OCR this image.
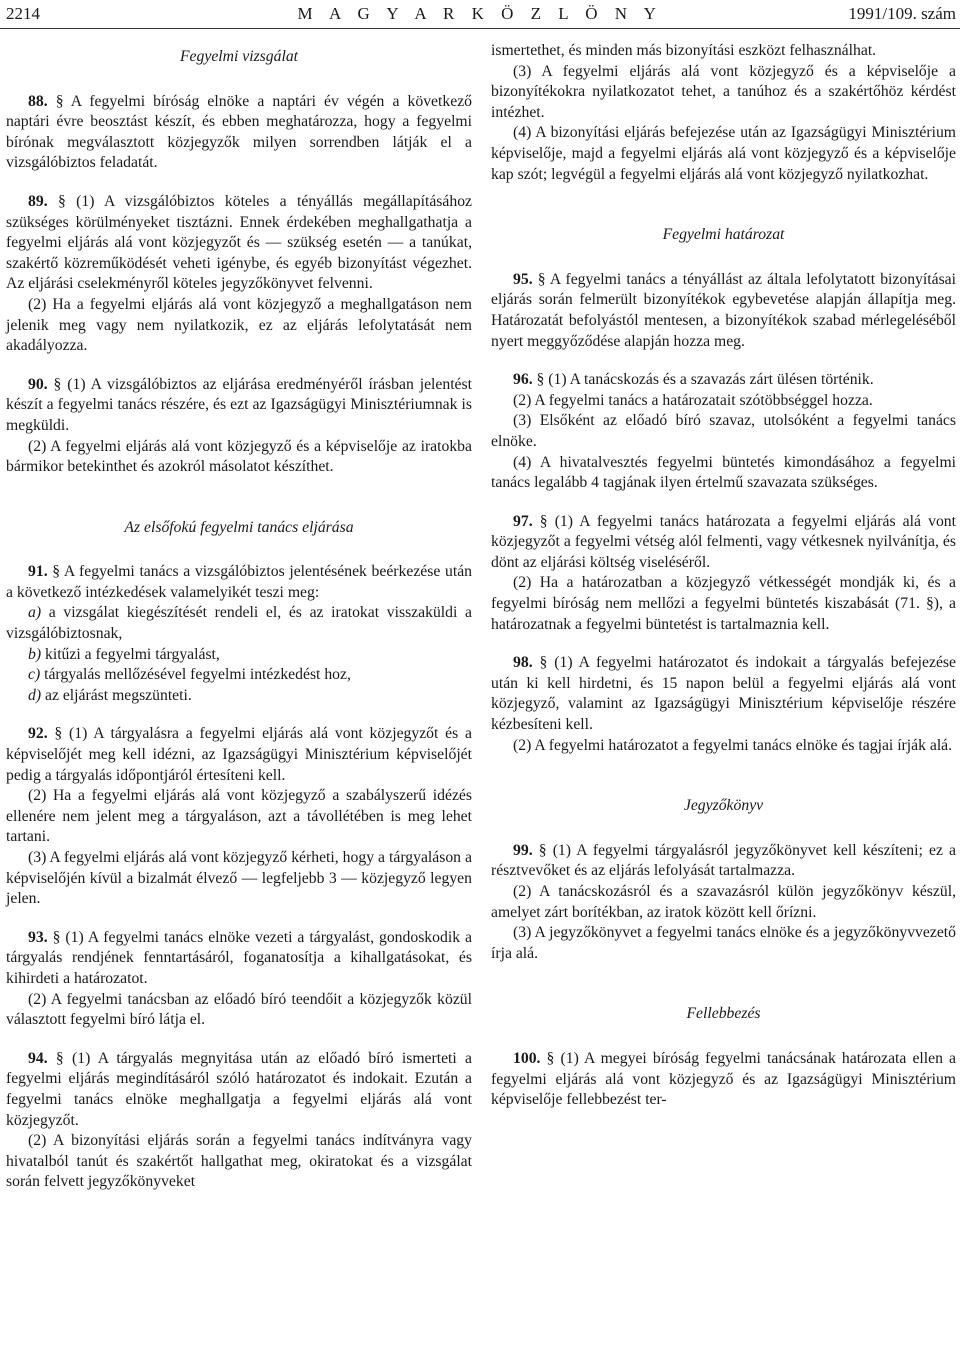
2214	M A G Y A R K Ö Z L Ö N Y	1991/109. szám
Fegyelmi vizsgálat

88. § A fegyelmi bíróság elnöke a naptári év végén a következő naptári évre beosztást készít, és ebben meghatározza, hogy a fegyelmi bírónak megválasztott közjegyzők milyen sorrendben látják el a vizsgálóbiztos feladatát.

89. § (1) A vizsgálóbiztos köteles a tényállás megállapításához szükséges körülményeket tisztázni. Ennek érdekében meghallgathatja a fegyelmi eljárás alá vont közjegyzőt és — szükség esetén — a tanúkat, szakértő közreműködését veheti igénybe, és egyéb bizonyítást végezhet. Az eljárási cselekményről köteles jegyzőkönyvet felvenni.

(2) Ha a fegyelmi eljárás alá vont közjegyző a meghallgatáson nem jelenik meg vagy nem nyilatkozik, ez az eljárás lefolytatását nem akadályozza.

90. § (1) A vizsgálóbiztos az eljárása eredményéről írásban jelentést készít a fegyelmi tanács részére, és ezt az Igazságügyi Minisztériumnak is megküldi.

(2) A fegyelmi eljárás alá vont közjegyző és a képviselője az iratokba bármikor betekinthet és azokról másolatot készíthet.

Az elsőfokú fegyelmi tanács eljárása

91. § A fegyelmi tanács a vizsgálóbiztos jelentésének beérkezése után a következő intézkedések valamelyikét teszi meg:

a) a vizsgálat kiegészítését rendeli el, és az iratokat visszaküldi a vizsgálóbiztosnak,

b) kitűzi a fegyelmi tárgyalást,

c) tárgyalás mellőzésével fegyelmi intézkedést hoz,

d) az eljárást megszünteti.

92. § (1) A tárgyalásra a fegyelmi eljárás alá vont közjegyzőt és a képviselőjét meg kell idézni, az Igazságügyi Minisztérium képviselőjét pedig a tárgyalás időpontjáról értesíteni kell.

(2) Ha a fegyelmi eljárás alá vont közjegyző a szabályszerű idézés ellenére nem jelent meg a tárgyaláson, azt a távollétében is meg lehet tartani.

(3) A fegyelmi eljárás alá vont közjegyző kérheti, hogy a tárgyaláson a képviselőjén kívül a bizalmát élvező — legfeljebb 3 — közjegyző legyen jelen.

93. § (1) A fegyelmi tanács elnöke vezeti a tárgyalást, gondoskodik a tárgyalás rendjének fenntartásáról, foganatosítja a kihallgatásokat, és kihirdeti a határozatot.

(2) A fegyelmi tanácsban az előadó bíró teendőit a közjegyzők közül választott fegyelmi bíró látja el.

94. § (1) A tárgyalás megnyitása után az előadó bíró ismerteti a fegyelmi eljárás megindításáról szóló határozatot és indokait. Ezután a fegyelmi tanács elnöke meghallgatja a fegyelmi eljárás alá vont közjegyzőt.

(2) A bizonyítási eljárás során a fegyelmi tanács indítványra vagy hivatalból tanút és szakértőt hallgathat meg, okiratokat és a vizsgálat során felvett jegyzőkönyveket

ismertethet, és minden más bizonyítási eszközt felhasználhat.

(3) A fegyelmi eljárás alá vont közjegyző és a képviselője a bizonyítékokra nyilatkozatot tehet, a tanúhoz és a szakértőhöz kérdést intézhet.

(4) A bizonyítási eljárás befejezése után az Igazságügyi Minisztérium képviselője, majd a fegyelmi eljárás alá vont közjegyző és a képviselője kap szót; legvégül a fegyelmi eljárás alá vont közjegyző nyilatkozhat.

Fegyelmi határozat

95. § A fegyelmi tanács a tényállást az általa lefolytatott bizonyításai eljárás során felmerült bizonyítékok egybevetése alapján állapítja meg. Határozatát befolyástól mentesen, a bizonyítékok szabad mérlegeléséből nyert meggyőződése alapján hozza meg.

96. § (1) A tanácskozás és a szavazás zárt ülésen történik.

(2) A fegyelmi tanács a határozatait szótöbbséggel hozza.

(3) Elsőként az előadó bíró szavaz, utolsóként a fegyelmi tanács elnöke.

(4) A hivatalvesztés fegyelmi büntetés kimondásához a fegyelmi tanács legalább 4 tagjának ilyen értelmű szavazata szükséges.

97. § (1) A fegyelmi tanács határozata a fegyelmi eljárás alá vont közjegyzőt a fegyelmi vétség alól felmenti, vagy vétkesnek nyilvánítja, és dönt az eljárási költség viseléséről.

(2) Ha a határozatban a közjegyző vétkességét mondják ki, és a fegyelmi bíróság nem mellőzi a fegyelmi büntetés kiszabását (71. §), a határozatnak a fegyelmi büntetést is tartalmaznia kell.

98. § (1) A fegyelmi határozatot és indokait a tárgyalás befejezése után ki kell hirdetni, és 15 napon belül a fegyelmi eljárás alá vont közjegyző, valamint az Igazságügyi Minisztérium képviselője részére kézbesíteni kell.

(2) A fegyelmi határozatot a fegyelmi tanács elnöke és tagjai írják alá.

Jegyzőkönyv

99. § (1) A fegyelmi tárgyalásról jegyzőkönyvet kell készíteni; ez a résztvevőket és az eljárás lefolyását tartalmazza.

(2) A tanácskozásról és a szavazásról külön jegyzőkönyv készül, amelyet zárt borítékban, az iratok között kell őrízni.

(3) A jegyzőkönyvet a fegyelmi tanács elnöke és a jegyzőkönyvvezető írja alá.

Fellebbezés

100. § (1) A megyei bíróság fegyelmi tanácsának határozata ellen a fegyelmi eljárás alá vont közjegyző és az Igazságügyi Minisztérium képviselője fellebbezést ter-
